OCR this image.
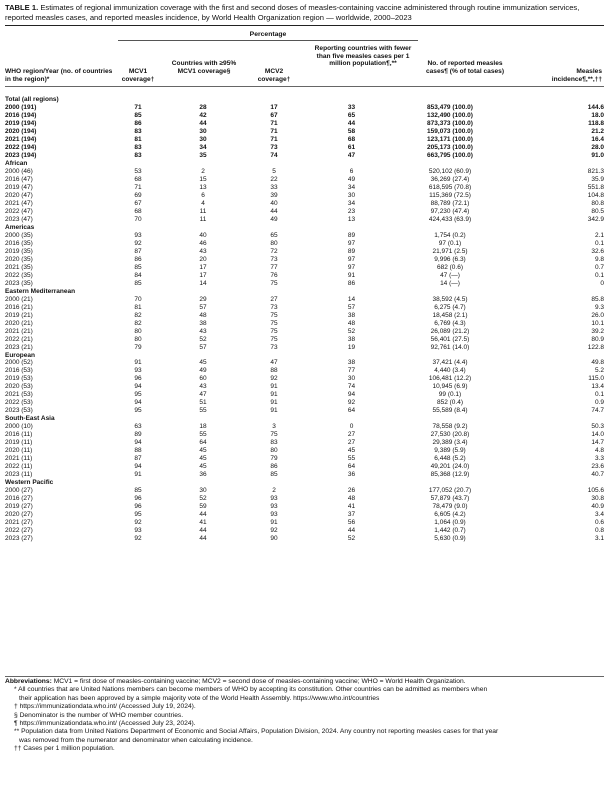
TABLE 1. Estimates of regional immunization coverage with the first and second doses of measles-containing vaccine administered through routine immunization services, reported measles cases, and reported measles incidence, by World Health Organization region — worldwide, 2000–2023
Percentage
WHO region/Year (no. of countries in the region)*
MCV1 coverage†
Countries with ≥95% MCV1 coverage§	MCV2 coverage†
Reporting countries with fewer than five measles cases per 1 million population¶,**	No. of reported measles cases¶ (% of total cases)	Measles incidence¶,**,††
Total (all regions)						
2000 (191)	71	28	17	33	853,479 (100.0)	144.6
2016 (194)	85	42	67	65	132,490 (100.0)	18.0
2019 (194)	86	44	71	44	873,373 (100.0)	118.8
2020 (194)	83	30	71	58	159,073 (100.0)	21.2
2021 (194)	81	30	71	68	123,171 (100.0)	16.4
2022 (194)	83	34	73	61	205,173 (100.0)	28.0
2023 (194)	83	35	74	47	663,795 (100.0)	91.0
African						
2000 (46)	53	2	5	6	520,102 (60.9)	821.3
2016 (47)	68	15	22	49	36,269 (27.4)	35.9
2019 (47)	71	13	33	34	618,595 (70.8)	551.8
2020 (47)	69	6	39	30	115,369 (72.5)	104.8
2021 (47)	67	4	40	34	88,789 (72.1)	80.8
2022 (47)	68	11	44	23	97,230 (47.4)	80.5
2023 (47)	70	11	49	13	424,433 (63.9)	342.9
Americas						
2000 (35)	93	40	65	89	1,754 (0.2)	2.1
2016 (35)	92	46	80	97	97 (0.1)	0.1
2019 (35)	87	43	72	89	21,971 (2.5)	32.6
2020 (35)	86	20	73	97	9,996 (6.3)	9.8
2021 (35)	85	17	77	97	682 (0.6)	0.7
2022 (35)	84	17	76	91	47 (—)	0.1
2023 (35)	85	14	75	86	14 (—)	0
Eastern Mediterranean						
2000 (21)	70	29	27	14	38,592 (4.5)	85.8
2016 (21)	81	57	73	57	6,275 (4.7)	9.3
2019 (21)	82	48	75	38	18,458 (2.1)	26.0
2020 (21)	82	38	75	48	6,769 (4.3)	10.1
2021 (21)	80	43	75	52	26,089 (21.2)	39.2
2022 (21)	80	52	75	38	56,401 (27.5)	80.9
2023 (21)	79	57	73	19	92,761 (14.0)	122.8
European						
2000 (52)	91	45	47	38	37,421 (4.4)	49.8
2016 (53)	93	49	88	77	4,440 (3.4)	5.2
2019 (53)	96	60	92	30	106,481 (12.2)	115.0
2020 (53)	94	43	91	74	10,945 (6.9)	13.4
2021 (53)	95	47	91	94	99 (0.1)	0.1
2022 (53)	94	51	91	92	852 (0.4)	0.9
2023 (53)	95	55	91	64	55,589 (8.4)	74.7
South-East Asia						
2000 (10)	63	18	3	0	78,558 (9.2)	50.3
2016 (11)	89	55	75	27	27,530 (20.8)	14.0
2019 (11)	94	64	83	27	29,389 (3.4)	14.7
2020 (11)	88	45	80	45	9,389 (5.9)	4.8
2021 (11)	87	45	79	55	6,448 (5.2)	3.3
2022 (11)	94	45	86	64	49,201 (24.0)	23.6
2023 (11)	91	36	85	36	85,368 (12.9)	40.7
Western Pacific						
2000 (27)	85	30	2	26	177,052 (20.7)	105.6
2016 (27)	96	52	93	48	57,879 (43.7)	30.8
2019 (27)	96	59	93	41	78,479 (9.0)	40.9
2020 (27)	95	44	93	37	6,605 (4.2)	3.4
2021 (27)	92	41	91	56	1,064 (0.9)	0.6
2022 (27)	93	44	92	44	1,442 (0.7)	0.8
2023 (27)	92	44	90	52	5,630 (0.9)	3.1
Abbreviations: MCV1 = first dose of measles-containing vaccine; MCV2 = second dose of measles-containing vaccine; WHO = World Health Organization.
* All countries that are United Nations members can become members of WHO by accepting its constitution. Other countries can be admitted as members when
their application has been approved by a simple majority vote of the World Health Assembly. https://www.who.int/countries
† https://immunizationdata.who.int/ (Accessed July 19, 2024).
§ Denominator is the number of WHO member countries.
¶ https://immunizationdata.who.int/ (Accessed July 23, 2024).
** Population data from United Nations Department of Economic and Social Affairs, Population Division, 2024. Any country not reporting measles cases for that year
was removed from the numerator and denominator when calculating incidence.
†† Cases per 1 million population.
